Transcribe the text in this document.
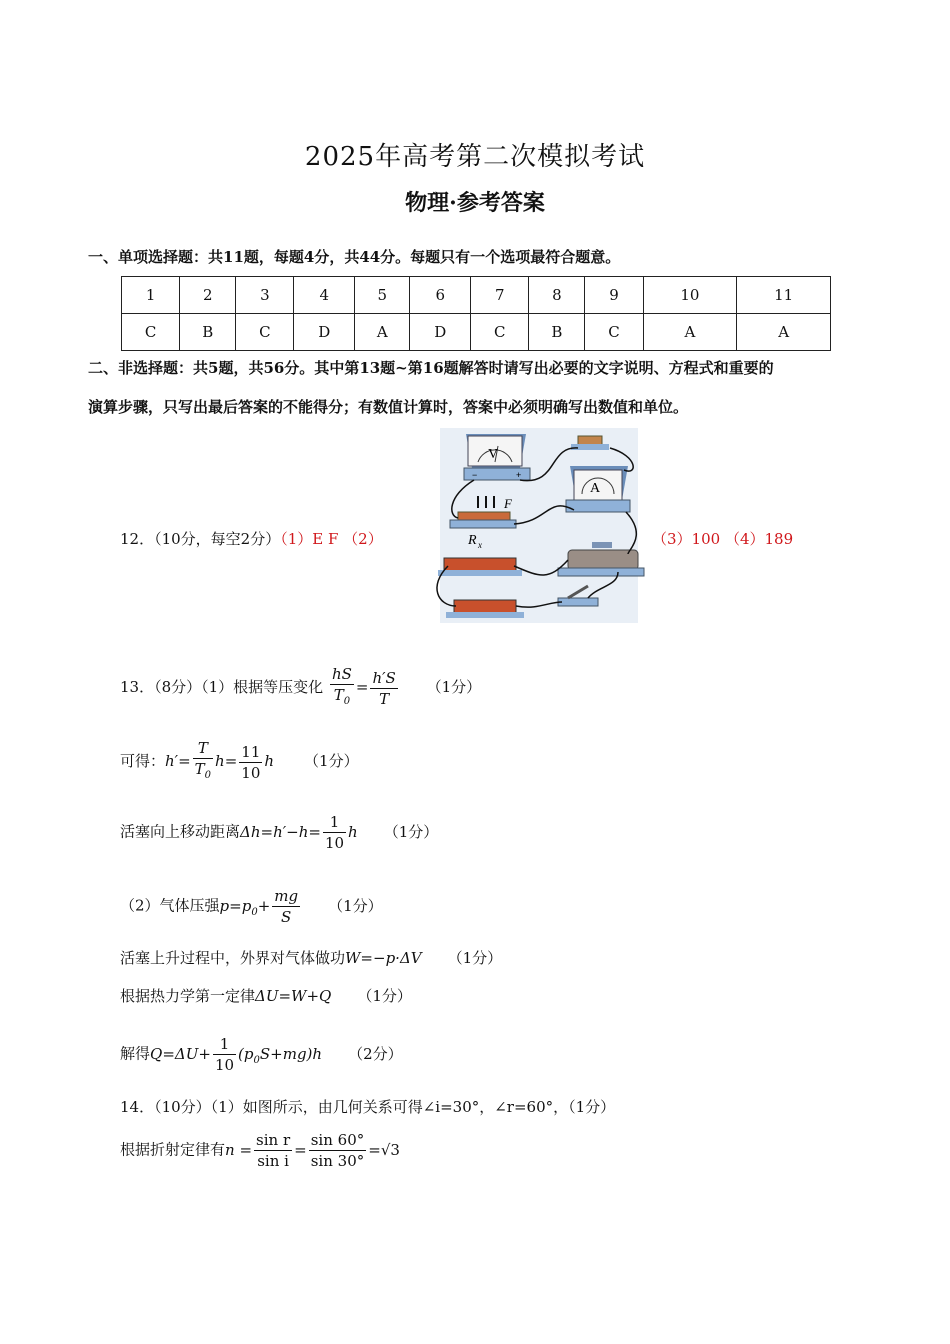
2025年高考第二次模拟考试
物理·参考答案
一、单项选择题：共11题，每题4分，共44分。每题只有一个选项最符合题意。
1	2	3	4	5	6	7	8	9	10	11
C	B	C	D	A	D	C	B	C	A	A
二、非选择题：共5题，共56分。其中第13题~第16题解答时请写出必要的文字说明、方程式和重要的
演算步骤，只写出最后答案的不能得分；有数值计算时，答案中必须明确写出数值和单位。
12．（10分，每空2分）（1）E F （2）	（3）100 （4）189
V
−	+
A
F
R x
13．（8分）（1）根据等压变化 $\frac{hS}{T_0} = \frac{h'S}{T} (1$分）
可得：$h'= \frac{T}{T_0} h= \frac{11}{10}$ h （1分）
活塞向上移动距离$\Delta h=h'-h= \frac{1}{10}$ h （1分）
（2）气体压强$p=p_0+ \frac{mg}{S} (1$分）
活塞上升过程中，外界对气体做功W=−p·ΔV （1分）
根据热力学第一定律ΔU=W+Q （1分）
解得$Q=\Delta U+ \frac{1}{10} (p_0S+mg)h$ （2分）
14．（10分）（1）如图所示，由几何关系可得∠i=30°，∠r=60°，（1分）
根据折射定律有$n = \frac{\text{sin r}}{\text{sin i}} = \frac{\sin 60^\circ}{\sin 30^\circ} =√3$
